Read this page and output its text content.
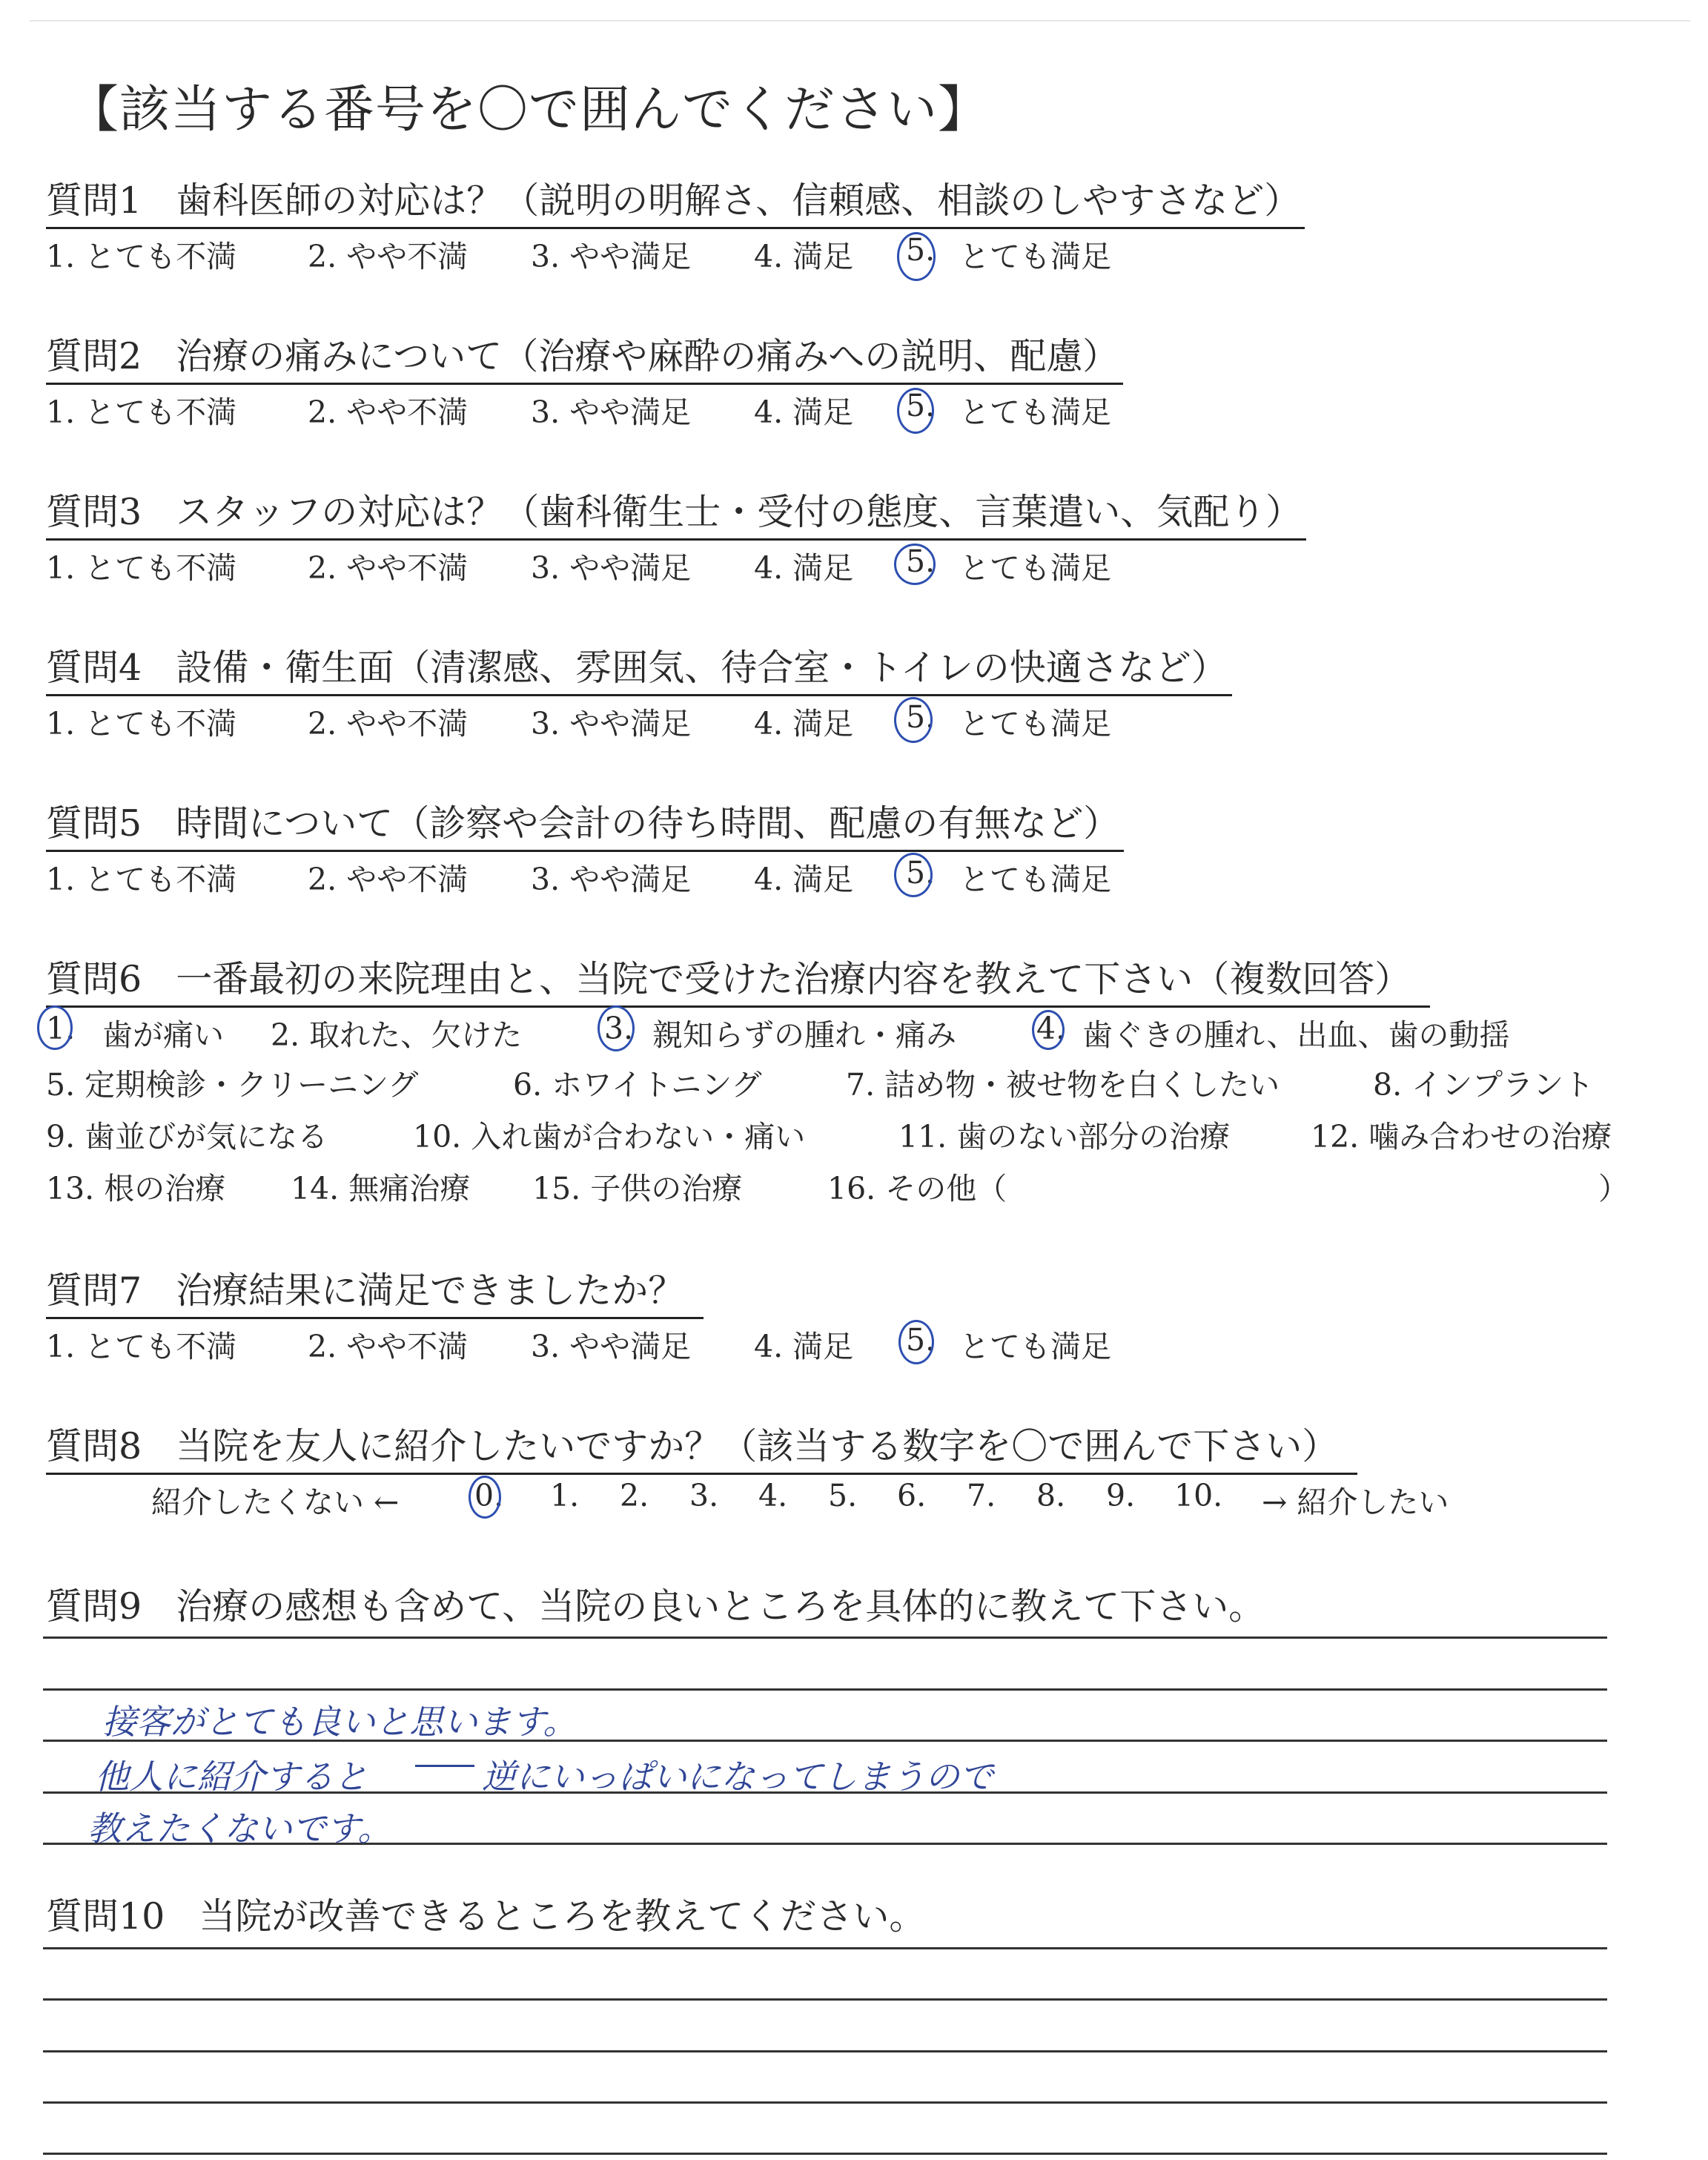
【該当する番号を〇で囲んでください】
質問1 歯科医師の対応は？（説明の明解さ、信頼感、相談のしやすさなど）
1. とても不満 2. やや不満 3. やや満足 4. 満足 5. とても満足
質問2 治療の痛みについて（治療や麻酔の痛みへの説明、配慮）
1. とても不満 2. やや不満 3. やや満足 4. 満足 5. とても満足
質問3 スタッフの対応は？（歯科衛生士・受付の態度、言葉遣い、気配り）
1. とても不満 2. やや不満 3. やや満足 4. 満足 5. とても満足
質問4 設備・衛生面（清潔感、雰囲気、待合室・トイレの快適さなど）
1. とても不満 2. やや不満 3. やや満足 4. 満足 5. とても満足
質問5 時間について（診察や会計の待ち時間、配慮の有無など）
1. とても不満 2. やや不満 3. やや満足 4. 満足 5. とても満足
質問6 一番最初の来院理由と、当院で受けた治療内容を教えて下さい（複数回答）
1. 歯が痛い 2. 取れた、欠けた	3. 親知らずの腫れ・痛み	4. 歯ぐきの腫れ、出血、歯の動揺
5. 定期検診・クリーニング	6. ホワイトニング	7. 詰め物・被せ物を白くしたい	8. インプラント
9. 歯並びが気になる	10. 入れ歯が合わない・痛い	11. 歯のない部分の治療	12. 噛み合わせの治療
13. 根の治療 14. 無痛治療 15. 子供の治療	16. その他（	）
質問7 治療結果に満足できましたか？
1. とても不満 2. やや不満 3. やや満足 4. 満足 5. とても満足
質問8 当院を友人に紹介したいですか？（該当する数字を〇で囲んで下さい）
紹介したくない ← 0. 1. 2. 3. 4. 5. 6. 7. 8. 9. 10. → 紹介したい
質問9 治療の感想も含めて、当院の良いところを具体的に教えて下さい。
接客がとても良いと思います。
他人に紹介すると	逆にいっぱいになってしまうので
教えたくないです。
質問10 当院が改善できるところを教えてください。
